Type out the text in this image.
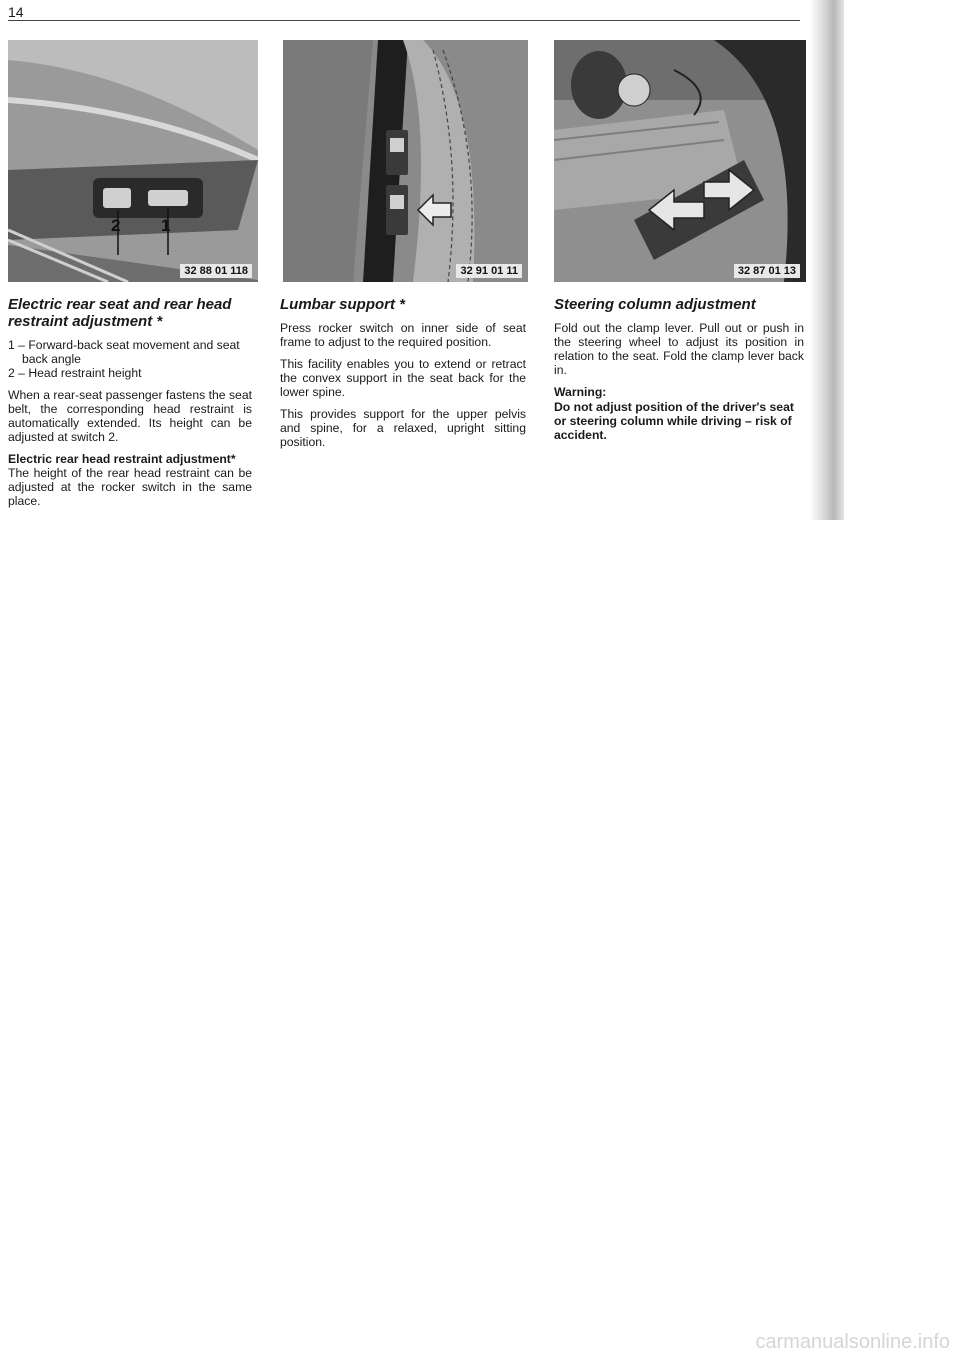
14
2 1
32 88 01 118	32 91 01 11	32 87 01 13
Electric rear seat and rear head restraint adjustment *
1 – Forward-back seat movement and seat
back angle

2 – Head restraint height

When a rear-seat passenger fastens the seat belt, the corresponding head restraint is automatically extended. Its height can be adjusted at switch 2.

Electric rear head restraint adjustment*

The height of the rear head restraint can be adjusted at the rocker switch in the same place.

Lumbar support *

Press rocker switch on inner side of seat frame to adjust to the required position.

This facility enables you to extend or retract the convex support in the seat back for the lower spine.

This provides support for the upper pelvis and spine, for a relaxed, upright sitting position.

Steering column adjustment

Fold out the clamp lever. Pull out or push in the steering wheel to adjust its position in relation to the seat. Fold the clamp lever back in.

Warning:
Do not adjust position of the driver's seat or steering column while driving – risk of accident.
carmanualsonline.info
